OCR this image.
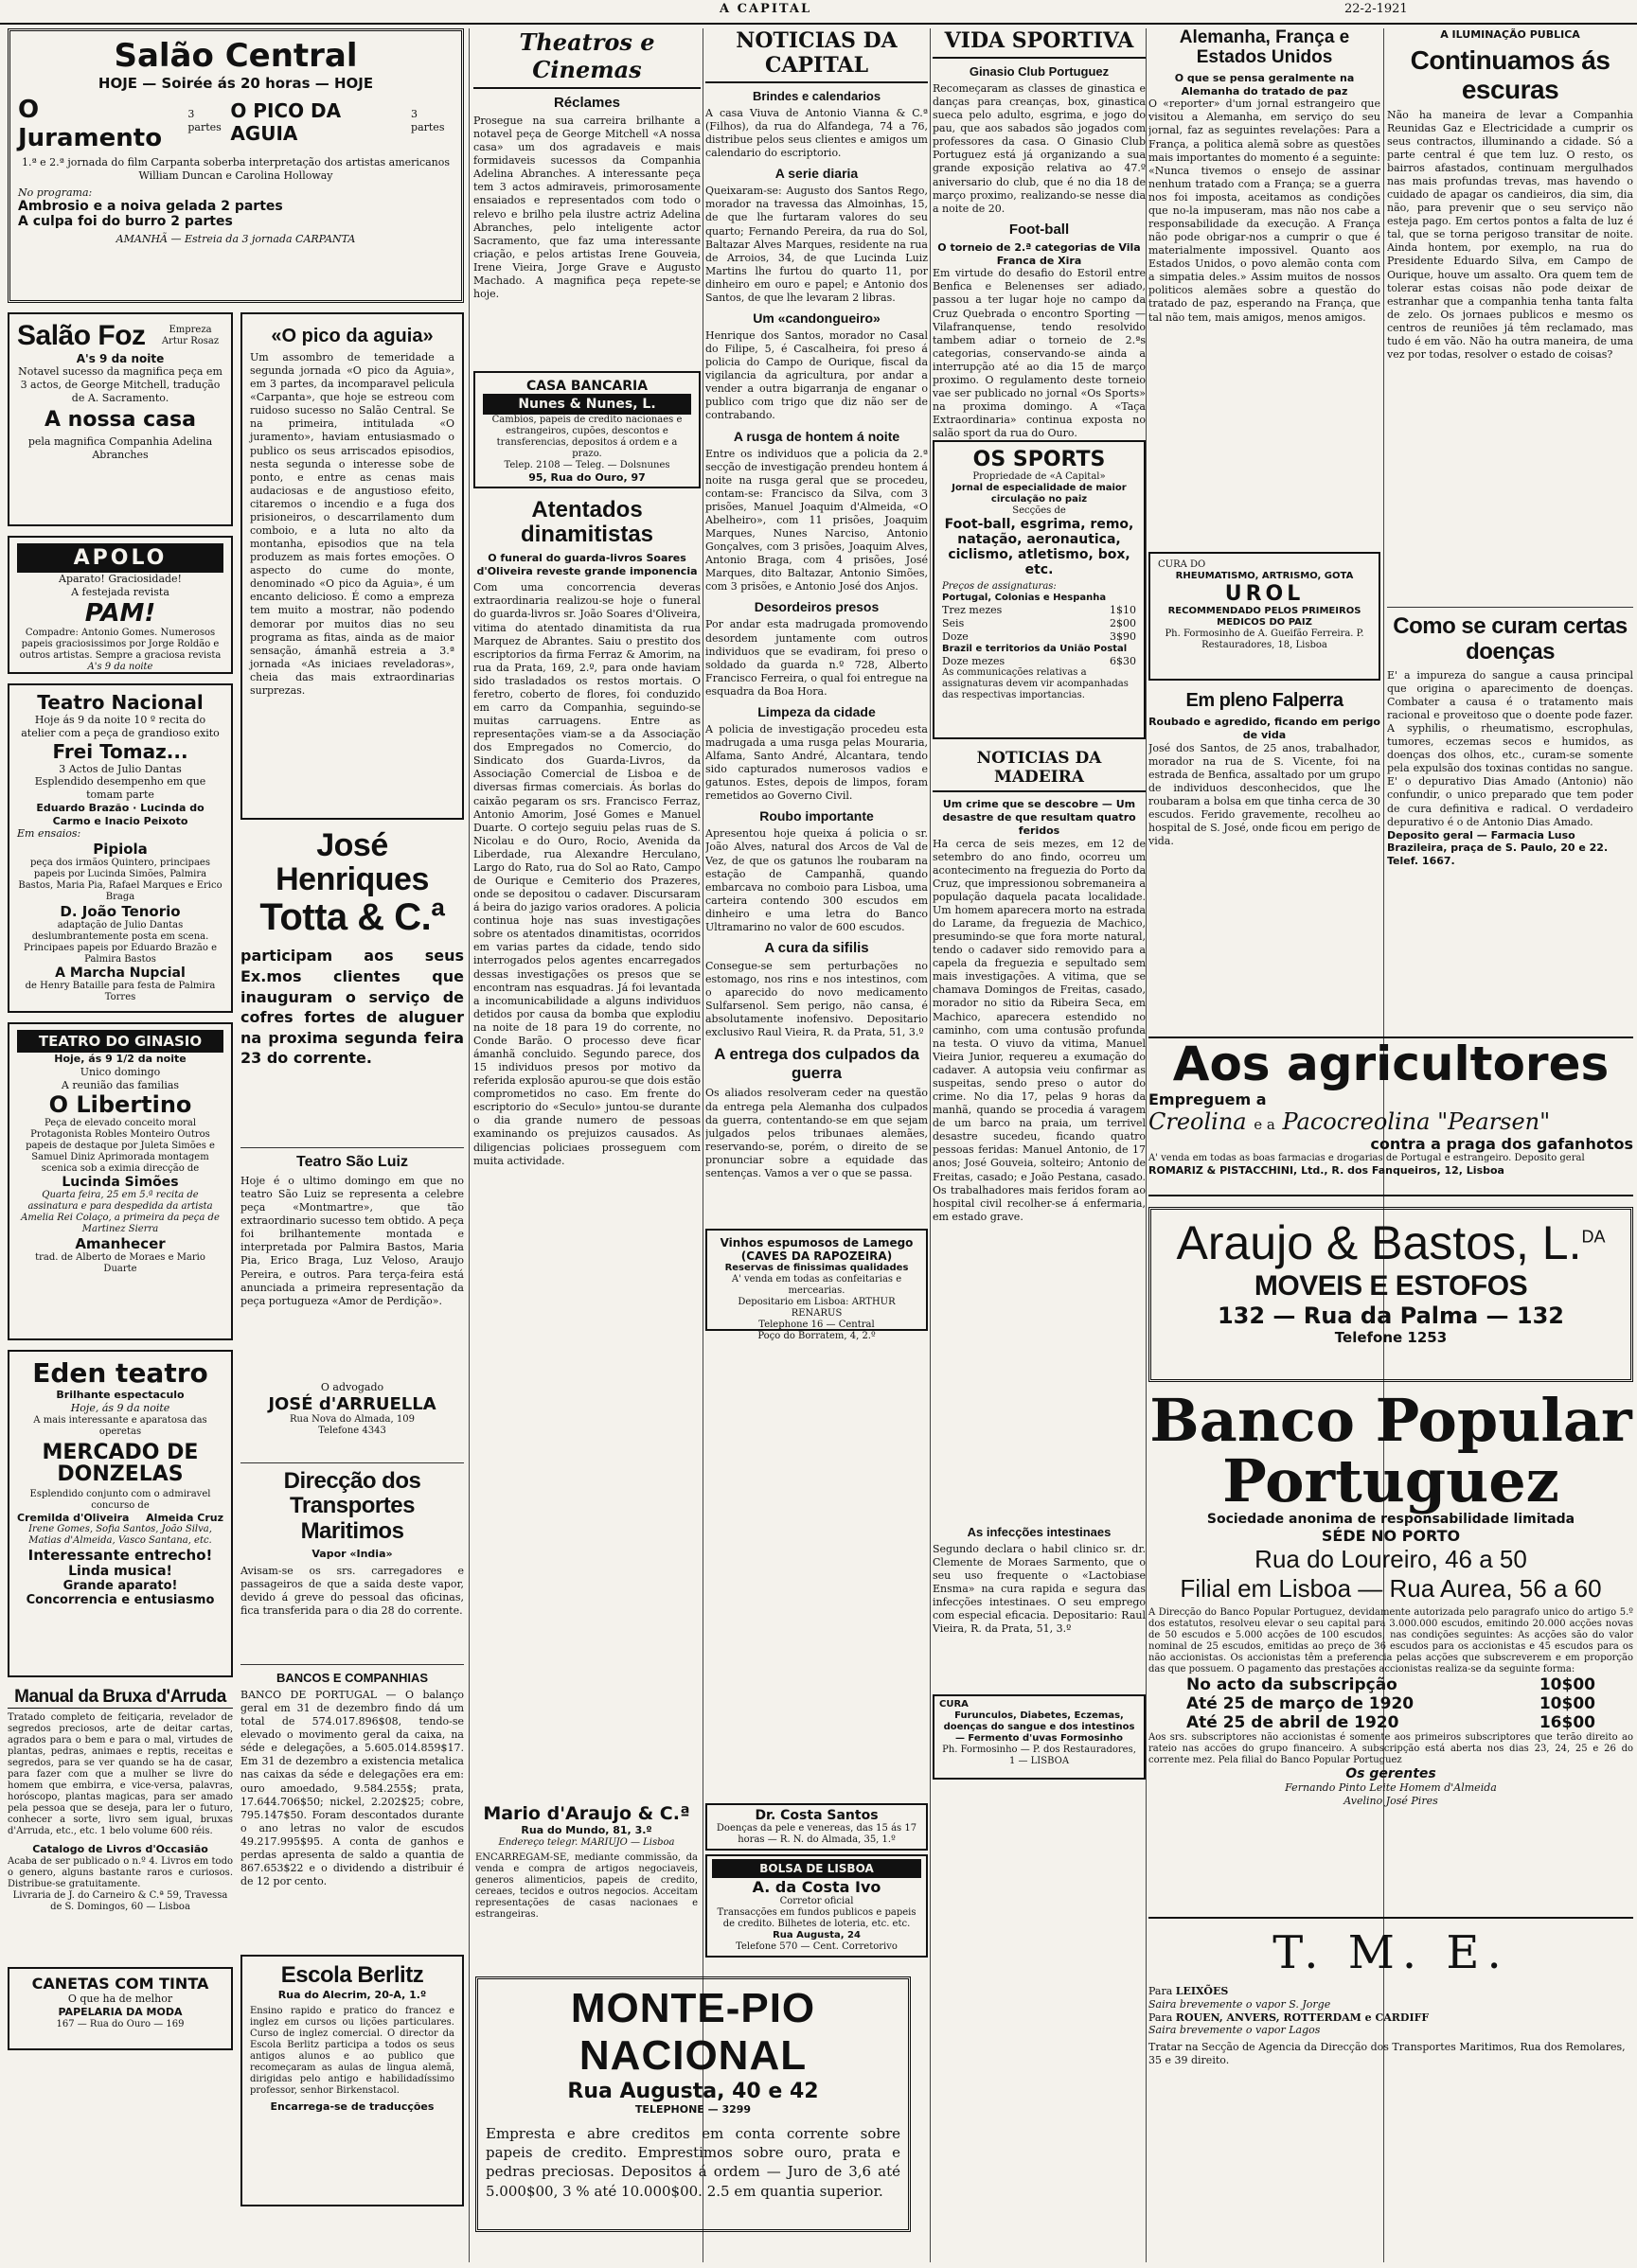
A CAPITAL	22-2-1921
Salão Central
HOJE — Soirée ás 20 horas — HOJE
O Juramento
3 partes
O PICO DA AGUIA
3 partes
1.ª e 2.ª jornada do film Carpanta soberba interpretação dos artistas americanos William Duncan e Carolina Holloway
No programa:
Ambrosio e a noiva gelada 2 partes
A culpa foi do burro 2 partes
AMANHÃ — Estreia da 3 jornada CARPANTA
Salão Foz	Empreza Artur Rosaz
A's 9 da noite
Notavel sucesso da magnifica peça em 3 actos, de George Mitchell, tradução de A. Sacramento.
A nossa casa
pela magnifica Companhia Adelina Abranches
APOLO
Aparato! Graciosidade!
A festejada revista
PAM!
Compadre: Antonio Gomes. Numerosos papeis graciosissimos por Jorge Roldão e outros artistas. Sempre a graciosa revista
A's 9 da noite
Teatro Nacional
Hoje ás 9 da noite 10 º recita do atelier com a peça de grandioso exito
Frei Tomaz...
3 Actos de Julio Dantas
Esplendido desempenho em que tomam parte
Eduardo Brazão · Lucinda do Carmo e Inacio Peixoto
Em ensaios:
Pipiola
peça dos irmãos Quintero, principaes papeis por Lucinda Simões, Palmira Bastos, Maria Pia, Rafael Marques e Erico Braga
D. João Tenorio
adaptação de Julio Dantas deslumbrantemente posta em scena. Principaes papeis por Eduardo Brazão e Palmira Bastos
A Marcha Nupcial
de Henry Bataille para festa de Palmira Torres
TEATRO DO GINASIO
Hoje, ás 9 1/2 da noite
Unico domingo
A reunião das familias
O Libertino
Peça de elevado conceito moral Protagonista Robles Monteiro Outros papeis de destaque por Juleta Simões e Samuel Diniz Aprimorada montagem scenica sob a eximia direcção de
Lucinda Simões
Quarta feira, 25 em 5.ª recita de assinatura e para despedida da artista Amelia Rei Colaço, a primeira da peça de Martinez Sierra
Amanhecer
trad. de Alberto de Moraes e Mario Duarte
Eden teatro
Brilhante espectaculo
Hoje, ás 9 da noite
A mais interessante e aparatosa das operetas
MERCADO DE DONZELAS
Esplendido conjunto com o admiravel concurso de
Cremilda d'Oliveira Almeida Cruz
Irene Gomes, Sofia Santos, João Silva, Matias d'Almeida, Vasco Santana, etc.
Interessante entrecho!
Linda musica!
Grande aparato!
Concorrencia e entusiasmo
Manual da Bruxa d'Arruda
Tratado completo de feitiçaria, revelador de segredos preciosos, arte de deitar cartas, agrados para o bem e para o mal, virtudes de plantas, pedras, animaes e reptis, receitas e segredos, para se ver quando se ha de casar, para fazer com que a mulher se livre do homem que embirra, e vice-versa, palavras, horóscopo, plantas magicas, para ser amado pela pessoa que se deseja, para ler o futuro, conhecer a sorte, livro sem igual, bruxas d'Arruda, etc., etc. 1 belo volume 600 réis.
Catalogo de Livros d'Occasião
Acaba de ser publicado o n.º 4. Livros em todo o genero, alguns bastante raros e curiosos. Distribue-se gratuitamente.
Livraria de J. do Carneiro & C.ª 59, Travessa de S. Domingos, 60 — Lisboa
CANETAS COM TINTA
O que ha de melhor
PAPELARIA DA MODA
167 — Rua do Ouro — 169
«O pico da aguia»
Um assombro de temeridade a segunda jornada «O pico da Aguia», em 3 partes, da incomparavel pelicula «Carpanta», que hoje se estreou com ruidoso sucesso no Salão Central. Se na primeira, intitulada «O juramento», haviam entusiasmado o publico os seus arriscados episodios, nesta segunda o interesse sobe de ponto, e entre as cenas mais audaciosas e de angustioso efeito, citaremos o incendio e a fuga dos prisioneiros, o descarrilamento dum comboio, e a luta no alto da montanha, episodios que na tela produzem as mais fortes emoções. O aspecto do cume do monte, denominado «O pico da Aguia», é um encanto delicioso. É como a empreza tem muito a mostrar, não podendo demorar por muitos dias no seu programa as fitas, ainda as de maior sensação, ámanhã estreia a 3.ª jornada «As iniciaes reveladoras», cheia das mais extraordinarias surprezas.
José Henriques
Totta & C.ª
participam aos seus Ex.mos clientes que inauguram o serviço de cofres fortes de aluguer na proxima segunda feira 23 do corrente.
Teatro São Luiz
Hoje é o ultimo domingo em que no teatro São Luiz se representa a celebre peça «Montmartre», que tão extraordinario sucesso tem obtido. A peça foi brilhantemente montada e interpretada por Palmira Bastos, Maria Pia, Erico Braga, Luz Veloso, Araujo Pereira, e outros. Para terça-feira está anunciada a primeira representação da peça portugueza «Amor de Perdição».
O advogado
JOSÉ d'ARRUELLA
Rua Nova do Almada, 109
Telefone 4343
Direcção dos Transportes Maritimos
Vapor «India»
Avisam-se os srs. carregadores e passageiros de que a saida deste vapor, devido á greve do pessoal das oficinas, fica transferida para o dia 28 do corrente.
BANCOS E COMPANHIAS
BANCO DE PORTUGAL — O balanço geral em 31 de dezembro findo dá um total de 574.017.896$08, tendo-se elevado o movimento geral da caixa, na séde e delegações, a 5.605.014.859$17. Em 31 de dezembro a existencia metalica nas caixas da séde e delegações era em: ouro amoedado, 9.584.255$; prata, 17.644.706$50; nickel, 2.202$25; cobre, 795.147$50. Foram descontados durante o ano letras no valor de escudos 49.217.995$95. A conta de ganhos e perdas apresenta de saldo a quantia de 867.653$22 e o dividendo a distribuir é de 12 por cento.
Escola Berlitz
Rua do Alecrim, 20-A, 1.º
Ensino rapido e pratico do francez e inglez em cursos ou lições particulares. Curso de inglez comercial. O director da Escola Berlitz participa a todos os seus antigos alunos e ao publico que recomeçaram as aulas de lingua alemã, dirigidas pelo antigo e habilidadíssimo professor, senhor Birkenstacol.
Encarrega-se de traducções
Theatros e Cinemas
Réclames
Prosegue na sua carreira brilhante a notavel peça de George Mitchell «A nossa casa» um dos agradaveis e mais formidaveis sucessos da Companhia Adelina Abranches. A interessante peça tem 3 actos admiraveis, primorosamente ensaiados e representados com todo o relevo e brilho pela ilustre actriz Adelina Abranches, pelo inteligente actor Sacramento, que faz uma interessante criação, e pelos artistas Irene Gouveia, Irene Vieira, Jorge Grave e Augusto Machado. A magnifica peça repete-se hoje.
CASA BANCARIA
Nunes & Nunes, L.
Cambios, papeis de credito nacionaes e estrangeiros, cupões, descontos e transferencias, depositos á ordem e a prazo.
Telep. 2108 — Teleg. — Dolsnunes
95, Rua do Ouro, 97
Atentados dinamitistas
O funeral do guarda-livros Soares d'Oliveira reveste grande imponencia
Com uma concorrencia deveras extraordinaria realizou-se hoje o funeral do guarda-livros sr. João Soares d'Oliveira, vitima do atentado dinamitista da rua Marquez de Abrantes. Saiu o prestito dos escriptorios da firma Ferraz & Amorim, na rua da Prata, 169, 2.º, para onde haviam sido trasladados os restos mortais. O feretro, coberto de flores, foi conduzido em carro da Companhia, seguindo-se muitas carruagens. Entre as representações viam-se a da Associação dos Empregados no Comercio, do Sindicato dos Guarda-Livros, da Associação Comercial de Lisboa e de diversas firmas comerciais. Ás borlas do caixão pegaram os srs. Francisco Ferraz, Antonio Amorim, José Gomes e Manuel Duarte. O cortejo seguiu pelas ruas de S. Nicolau e do Ouro, Rocio, Avenida da Liberdade, rua Alexandre Herculano, Largo do Rato, rua do Sol ao Rato, Campo de Ourique e Cemiterio dos Prazeres, onde se depositou o cadaver. Discursaram á beira do jazigo varios oradores. A policia continua hoje nas suas investigações sobre os atentados dinamitistas, ocorridos em varias partes da cidade, tendo sido interrogados pelos agentes encarregados dessas investigações os presos que se encontram nas esquadras. Já foi levantada a incomunicabilidade a alguns individuos detidos por causa da bomba que explodiu na noite de 18 para 19 do corrente, no Conde Barão. O processo deve ficar ámanhã concluido. Segundo parece, dos 15 individuos presos por motivo da referida explosão apurou-se que dois estão comprometidos no caso. Em frente do escriptorio do «Seculo» juntou-se durante o dia grande numero de pessoas examinando os prejuizos causados. As diligencias policiaes prosseguem com muita actividade.
NOTICIAS DA CAPITAL
Brindes e calendarios
A casa Viuva de Antonio Vianna & C.ª (Filhos), da rua do Alfandega, 74 a 76, distribue pelos seus clientes e amigos um calendario do escriptorio.
A serie diaria
Queixaram-se: Augusto dos Santos Rego, morador na travessa das Almoinhas, 15, de que lhe furtaram valores do seu quarto; Fernando Pereira, da rua do Sol, Baltazar Alves Marques, residente na rua de Arroios, 34, de que Lucinda Luiz Martins lhe furtou do quarto 11, por dinheiro em ouro e papel; e Antonio dos Santos, de que lhe levaram 2 libras.
Um «candongueiro»
Henrique dos Santos, morador no Casal do Filipe, 5, é Cascalheira, foi preso á policia do Campo de Ourique, fiscal da vigilancia da agricultura, por andar a vender a outra bigarranja de enganar o publico com trigo que diz não ser de contrabando.
A rusga de hontem á noite
Entre os individuos que a policia da 2.ª secção de investigação prendeu hontem á noite na rusga geral que se procedeu, contam-se: Francisco da Silva, com 3 prisões, Manuel Joaquim d'Almeida, «O Abelheiro», com 11 prisões, Joaquim Marques, Nunes Narciso, Antonio Gonçalves, com 3 prisões, Joaquim Alves, Antonio Braga, com 4 prisões, José Marques, dito Baltazar, Antonio Simões, com 3 prisões, e Antonio José dos Anjos.
Desordeiros presos
Por andar esta madrugada promovendo desordem juntamente com outros individuos que se evadiram, foi preso o soldado da guarda n.º 728, Alberto Francisco Ferreira, o qual foi entregue na esquadra da Boa Hora.
Limpeza da cidade
A policia de investigação procedeu esta madrugada a uma rusga pelas Mouraria, Alfama, Santo André, Alcantara, tendo sido capturados numerosos vadios e gatunos. Estes, depois de limpos, foram remetidos ao Governo Civil.
Roubo importante
Apresentou hoje queixa á policia o sr. João Alves, natural dos Arcos de Val de Vez, de que os gatunos lhe roubaram na estação de Campanhã, quando embarcava no comboio para Lisboa, uma carteira contendo 300 escudos em dinheiro e uma letra do Banco Ultramarino no valor de 600 escudos.
A cura da sifilis
Consegue-se sem perturbações no estomago, nos rins e nos intestinos, com o aparecido do novo medicamento Sulfarsenol. Sem perigo, não cansa, é absolutamente inofensivo. Depositario exclusivo Raul Vieira, R. da Prata, 51, 3.º
A entrega dos culpados da guerra
Os aliados resolveram ceder na questão da entrega pela Alemanha dos culpados da guerra, contentando-se em que sejam julgados pelos tribunaes alemães, reservando-se, porém, o direito de se pronunciar sobre a equidade das sentenças. Vamos a ver o que se passa.
Vinhos espumosos de Lamego (CAVES DA RAPOZEIRA)
Reservas de finissimas qualidades
A' venda em todas as confeitarias e mercearias.
Depositario em Lisboa: ARTHUR RENARUS
Telephone 16 — Central
Poço do Borratem, 4, 2.º
Mario d'Araujo & C.ª
Rua do Mundo, 81, 3.º
Endereço telegr. MARIUJO — Lisboa
ENCARREGAM-SE, mediante commissão, da venda e compra de artigos negociaveis, generos alimenticios, papeis de credito, cereaes, tecidos e outros negocios. Acceitam representações de casas nacionaes e estrangeiras.
Dr. Costa Santos
Doenças da pele e venereas, das 15 ás 17 horas — R. N. do Almada, 35, 1.º
BOLSA DE LISBOA
A. da Costa Ivo
Corretor oficial
Transacções em fundos publicos e papeis de credito. Bilhetes de loteria, etc. etc.
Rua Augusta, 24
Telefone 570 — Cent. Corretorivo
MONTE-PIO NACIONAL
Rua Augusta, 40 e 42
TELEPHONE — 3299
Empresta e abre creditos em conta corrente sobre papeis de credito. Emprestimos sobre ouro, prata e pedras preciosas. Depositos á ordem — Juro de 3,6 até 5.000$00, 3 % até 10.000$00. 2.5 em quantia superior.
VIDA SPORTIVA
Ginasio Club Portuguez
Recomeçaram as classes de ginastica e danças para creanças, box, ginastica sueca pelo adulto, esgrima, e jogo do pau, que aos sabados são jogados com professores da casa. O Ginasio Club Portuguez está já organizando a sua grande exposição relativa ao 47.º aniversario do club, que é no dia 18 de março proximo, realizando-se nesse dia a noite de 20.
Foot-ball
O torneio de 2.ª categorias de Vila Franca de Xira
Em virtude do desafio do Estoril entre Benfica e Belenenses ser adiado, passou a ter lugar hoje no campo da Cruz Quebrada o encontro Sporting — Vilafranquense, tendo resolvido tambem adiar o torneio de 2.ªs categorias, conservando-se ainda a interrupção até ao dia 15 de março proximo. O regulamento deste torneio vae ser publicado no jornal «Os Sports» na proxima domingo. A «Taça Extraordinaria» continua exposta no salão sport da rua do Ouro.
OS SPORTS
Propriedade de «A Capital»
Jornal de especialidade de maior circulação no paiz
Secções de
Foot-ball, esgrima, remo, natação, aeronautica, ciclismo, atletismo, box, etc.
Preços de assignaturas:
Portugal, Colonias e Hespanha
Trez mezes	1$10
Seis	2$00
Doze	3$90
Brazil e territorios da União Postal
Doze mezes	6$30
As communicações relativas a assignaturas devem vir acompanhadas das respectivas importancias.
NOTICIAS DA MADEIRA
Um crime que se descobre — Um desastre de que resultam quatro feridos
Ha cerca de seis mezes, em 12 de setembro do ano findo, ocorreu um acontecimento na freguezia do Porto da Cruz, que impressionou sobremaneira a população daquela pacata localidade. Um homem aparecera morto na estrada do Larame, da freguezia de Machico, presumindo-se que fora morte natural, tendo o cadaver sido removido para a capela da freguezia e sepultado sem mais investigações. A vitima, que se chamava Domingos de Freitas, casado, morador no sitio da Ribeira Seca, em Machico, aparecera estendido no caminho, com uma contusão profunda na testa. O viuvo da vitima, Manuel Vieira Junior, requereu a exumação do cadaver. A autopsia veiu confirmar as suspeitas, sendo preso o autor do crime. No dia 17, pelas 9 horas da manhã, quando se procedia á varagem de um barco na praia, um terrivel desastre sucedeu, ficando quatro pessoas feridas: Manuel Antonio, de 17 anos; José Gouveia, solteiro; Antonio de Freitas, casado; e João Pestana, casado. Os trabalhadores mais feridos foram ao hospital civil recolher-se á enfermaria, em estado grave.
As infecções intestinaes
Segundo declara o habil clinico sr. dr. Clemente de Moraes Sarmento, que o seu uso frequente o «Lactobiase Ensma» na cura rapida e segura das infecções intestinaes. O seu emprego com especial eficacia. Depositario: Raul Vieira, R. da Prata, 51, 3.º
CURA
Furunculos, Diabetes, Eczemas, doenças do sangue e dos intestinos — Fermento d'uvas Formosinho
Ph. Formosinho — P. dos Restauradores, 1 — LISBOA
Alemanha, França e Estados Unidos
O que se pensa geralmente na Alemanha do tratado de paz
O «reporter» d'um jornal estrangeiro que visitou a Alemanha, em serviço do seu jornal, faz as seguintes revelações: Para a França, a politica alemã sobre as questões mais importantes do momento é a seguinte: «Nunca tivemos o ensejo de assinar nenhum tratado com a França; se a guerra nos foi imposta, aceitamos as condições que no-la impuseram, mas não nos cabe a responsabilidade da execução. A França não pode obrigar-nos a cumprir o que é materialmente impossivel. Quanto aos Estados Unidos, o povo alemão conta com a simpatia deles.» Assim muitos de nossos politicos alemães sobre a questão do tratado de paz, esperando na França, que tal não tem, mais amigos, menos amigos.
CURA DO
RHEUMATISMO, ARTRISMO, GOTA
UROL
RECOMMENDADO PELOS PRIMEIROS MEDICOS DO PAIZ
Ph. Formosinho de A. Gueifão Ferreira. P. Restauradores, 18, Lisboa
Em pleno Falperra
Roubado e agredido, ficando em perigo de vida
José dos Santos, de 25 anos, trabalhador, morador na rua de S. Vicente, foi na estrada de Benfica, assaltado por um grupo de individuos desconhecidos, que lhe roubaram a bolsa em que tinha cerca de 30 escudos. Ferido gravemente, recolheu ao hospital de S. José, onde ficou em perigo de vida.
A ILUMINAÇÃO PUBLICA
Continuamos ás escuras
Não ha maneira de levar a Companhia Reunidas Gaz e Electricidade a cumprir os seus contractos, illuminando a cidade. Só a parte central é que tem luz. O resto, os bairros afastados, continuam mergulhados nas mais profundas trevas, mas havendo o cuidado de apagar os candieiros, dia sim, dia não, para prevenir que o seu serviço não esteja pago. Em certos pontos a falta de luz é tal, que se torna perigoso transitar de noite. Ainda hontem, por exemplo, na rua do Presidente Eduardo Silva, em Campo de Ourique, houve um assalto. Ora quem tem de tolerar estas coisas não pode deixar de estranhar que a companhia tenha tanta falta de zelo. Os jornaes publicos e mesmo os centros de reuniões já têm reclamado, mas tudo é em vão. Não ha outra maneira, de uma vez por todas, resolver o estado de coisas?
Como se curam certas doenças
E' a impureza do sangue a causa principal que origina o aparecimento de doenças. Combater a causa é o tratamento mais racional e proveitoso que o doente pode fazer. A syphilis, o rheumatismo, escrophulas, tumores, eczemas secos e humidos, as doenças dos olhos, etc., curam-se somente pela expulsão dos toxinas contidas no sangue. E' o depurativo Dias Amado (Antonio) não confundir, o unico preparado que tem poder de cura definitiva e radical. O verdadeiro depurativo é o de Antonio Dias Amado.
Deposito geral — Farmacia Luso Brazileira, praça de S. Paulo, 20 e 22. Telef. 1667.
Aos agricultores
Empreguem a
Creolina e a Pacocreolina "Pearsen"
contra a praga dos gafanhotos
A' venda em todas as boas farmacias e drogarias de Portugal e estrangeiro. Deposito geral
ROMARIZ & PISTACCHINI, Ltd., R. dos Fanqueiros, 12, Lisboa
Araujo & Bastos, L.$^{DA}$
MOVEIS E ESTOFOS
132 — Rua da Palma — 132
Telefone 1253
Banco Popular
Portuguez
Sociedade anonima de responsabilidade limitada
SÉDE NO PORTO
Rua do Loureiro, 46 a 50
Filial em Lisboa — Rua Aurea, 56 a 60
A Direcção do Banco Popular Portuguez, devidamente autorizada pelo paragrafo unico do artigo 5.º dos estatutos, resolveu elevar o seu capital para 3.000.000 escudos, emitindo 20.000 acções novas de 50 escudos e 5.000 acções de 100 escudos, nas condições seguintes: As acções são do valor nominal de 25 escudos, emitidas ao preço de 36 escudos para os accionistas e 45 escudos para os não accionistas. Os accionistas têm a preferencia pelas acções que subscreverem e em proporção das que possuem. O pagamento das prestações accionistas realiza-se da seguinte forma:
No acto da subscripção	10$00
Até 25 de março de 1920	10$00
Até 25 de abril de 1920	16$00
Aos srs. subscriptores não accionistas é somente aos primeiros subscriptores que terão direito ao rateio nas accões do grupo financeiro. A subscripção está aberta nos dias 23, 24, 25 e 26 do corrente mez. Pela filial do Banco Popular Portuguez
Os gerentes
Fernando Pinto Leite Homem d'Almeida
Avelino José Pires
T. M. E.
Para LEIXÕES
Saira brevemente o vapor S. Jorge
Para ROUEN, ANVERS, ROTTERDAM e CARDIFF
Saira brevemente o vapor Lagos
Tratar na Secção de Agencia da Direcção dos Transportes Maritimos, Rua dos Remolares, 35 e 39 direito.
